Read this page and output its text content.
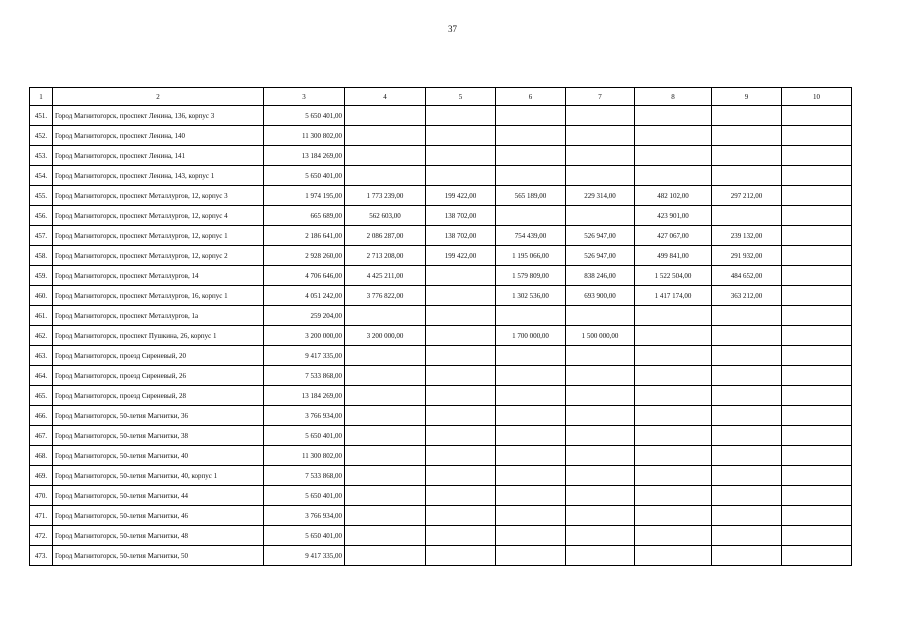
37
1	2	3	4	5	6	7	8	9	10
451.	Город Магнитогорск, проспект Ленина, 136, корпус 3	5 650 401,00							
452.	Город Магнитогорск, проспект Ленина, 140	11 300 802,00							
453.	Город Магнитогорск, проспект Ленина, 141	13 184 269,00							
454.	Город Магнитогорск, проспект Ленина, 143, корпус 1	5 650 401,00							
455.	Город Магнитогорск, проспект Металлургов, 12, корпус 3	1 974 195,00	1 773 239,00	199 422,00	565 189,00	229 314,00	482 102,00	297 212,00	
456.	Город Магнитогорск, проспект Металлургов, 12, корпус 4	665 689,00	562 603,00	138 702,00			423 901,00		
457.	Город Магнитогорск, проспект Металлургов, 12, корпус 1	2 186 641,00	2 086 287,00	138 702,00	754 439,00	526 947,00	427 067,00	239 132,00	
458.	Город Магнитогорск, проспект Металлургов, 12, корпус 2	2 928 260,00	2 713 208,00	199 422,00	1 195 066,00	526 947,00	499 841,00	291 932,00	
459.	Город Магнитогорск, проспект Металлургов, 14	4 706 646,00	4 425 211,00		1 579 809,00	838 246,00	1 522 504,00	484 652,00	
460.	Город Магнитогорск, проспект Металлургов, 16, корпус 1	4 051 242,00	3 776 822,00		1 302 536,00	693 900,00	1 417 174,00	363 212,00	
461.	Город Магнитогорск, проспект Металлургов, 1а	259 204,00							
462.	Город Магнитогорск, проспект Пушкина, 26, корпус 1	3 200 000,00	3 200 000,00		1 700 000,00	1 500 000,00			
463.	Город Магнитогорск, проезд Сиреневый, 20	9 417 335,00							
464.	Город Магнитогорск, проезд Сиреневый, 26	7 533 868,00							
465.	Город Магнитогорск, проезд Сиреневый, 28	13 184 269,00							
466.	Город Магнитогорск, 50-летия Магнитки, 36	3 766 934,00							
467.	Город Магнитогорск, 50-летия Магнитки, 38	5 650 401,00							
468.	Город Магнитогорск, 50-летия Магнитки, 40	11 300 802,00							
469.	Город Магнитогорск, 50-летия Магнитки, 40, корпус 1	7 533 868,00							
470.	Город Магнитогорск, 50-летия Магнитки, 44	5 650 401,00							
471.	Город Магнитогорск, 50-летия Магнитки, 46	3 766 934,00							
472.	Город Магнитогорск, 50-летия Магнитки, 48	5 650 401,00							
473.	Город Магнитогорск, 50-летия Магнитки, 50	9 417 335,00							
